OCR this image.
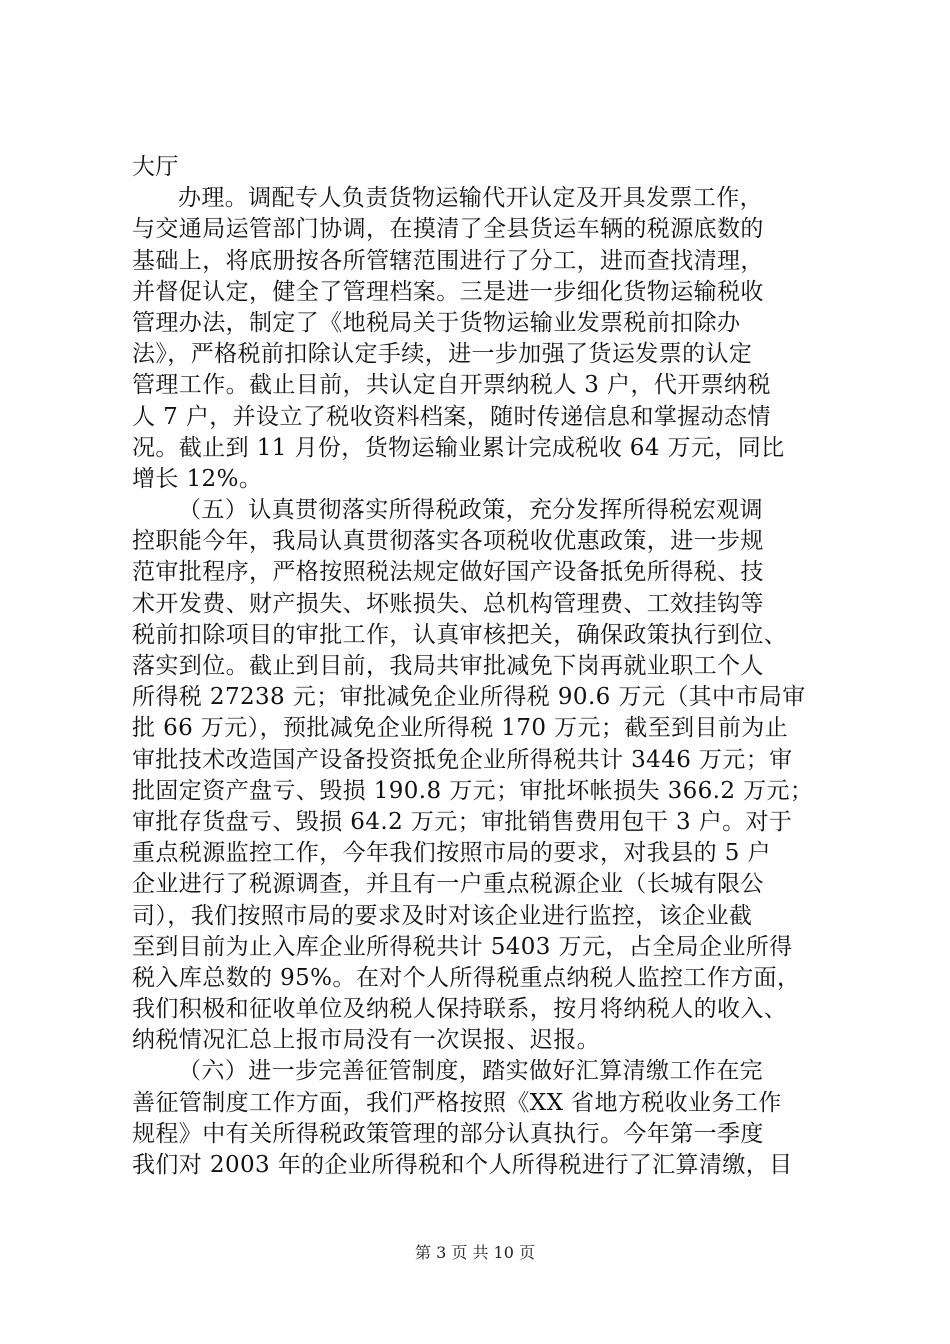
大厅
办理。调配专人负责货物运输代开认定及开具发票工作，
与交通局运管部门协调，在摸清了全县货运车辆的税源底数的
基础上，将底册按各所管辖范围进行了分工，进而查找清理，
并督促认定，健全了管理档案。三是进一步细化货物运输税收
管理办法，制定了《地税局关于货物运输业发票税前扣除办
法》，严格税前扣除认定手续，进一步加强了货运发票的认定
管理工作。截止目前，共认定自开票纳税人 3 户，代开票纳税
人 7 户，并设立了税收资料档案，随时传递信息和掌握动态情
况。截止到 11 月份，货物运输业累计完成税收 64 万元，同比
增长 12%。
（五）认真贯彻落实所得税政策，充分发挥所得税宏观调
控职能今年，我局认真贯彻落实各项税收优惠政策，进一步规
范审批程序，严格按照税法规定做好国产设备抵免所得税、技
术开发费、财产损失、坏账损失、总机构管理费、工效挂钩等
税前扣除项目的审批工作，认真审核把关，确保政策执行到位、
落实到位。截止到目前，我局共审批减免下岗再就业职工个人
所得税 27238 元；审批减免企业所得税 90.6 万元（其中市局审
批 66 万元），预批减免企业所得税 170 万元；截至到目前为止
审批技术改造国产设备投资抵免企业所得税共计 3446 万元；审
批固定资产盘亏、毁损 190.8 万元；审批坏帐损失 366.2 万元；
审批存货盘亏、毁损 64.2 万元；审批销售费用包干 3 户。对于
重点税源监控工作，今年我们按照市局的要求，对我县的 5 户
企业进行了税源调查，并且有一户重点税源企业（长城有限公
司），我们按照市局的要求及时对该企业进行监控，该企业截
至到目前为止入库企业所得税共计 5403 万元，占全局企业所得
税入库总数的 95%。在对个人所得税重点纳税人监控工作方面，
我们积极和征收单位及纳税人保持联系，按月将纳税人的收入、
纳税情况汇总上报市局没有一次误报、迟报。
（六）进一步完善征管制度，踏实做好汇算清缴工作在完
善征管制度工作方面，我们严格按照《XX 省地方税收业务工作
规程》中有关所得税政策管理的部分认真执行。今年第一季度
我们对 2003 年的企业所得税和个人所得税进行了汇算清缴，目
第 3 页 共 10 页
